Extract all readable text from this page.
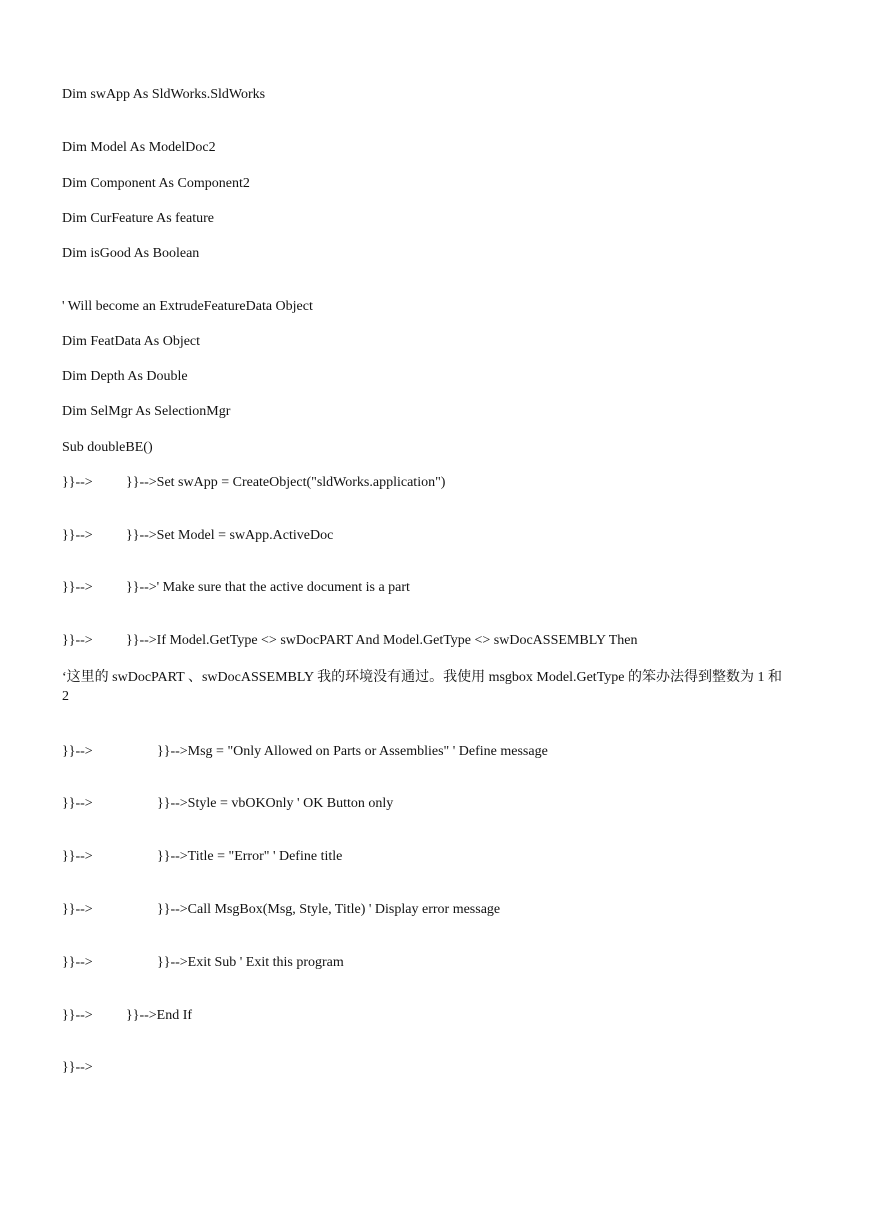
Dim swApp As SldWorks.SldWorks
Dim Model As ModelDoc2
Dim Component As Component2
Dim CurFeature As feature
Dim isGood As Boolean
' Will become an ExtrudeFeatureData Object
Dim FeatData As Object
Dim Depth As Double
Dim SelMgr As SelectionMgr
Sub doubleBE()
}}--> }}-->Set swApp = CreateObject("sldWorks.application")
}}--> }}-->Set Model = swApp.ActiveDoc
}}--> }}-->' Make sure that the active document is a part
}}--> }}-->If Model.GetType <> swDocPART And Model.GetType <> swDocASSEMBLY Then
‘这里的 swDocPART 、swDocASSEMBLY 我的环境没有通过。我使用 msgbox Model.GetType 的笨办法得到整数为 1 和 2
}}-->	}}-->Msg = "Only Allowed on Parts or Assemblies" ' Define message
}}-->	}}-->Style = vbOKOnly ' OK Button only
}}-->	}}-->Title = "Error" ' Define title
}}-->	}}-->Call MsgBox(Msg, Style, Title) ' Display error message
}}-->	}}-->Exit Sub ' Exit this program
}}--> }}-->End If
}}-->
